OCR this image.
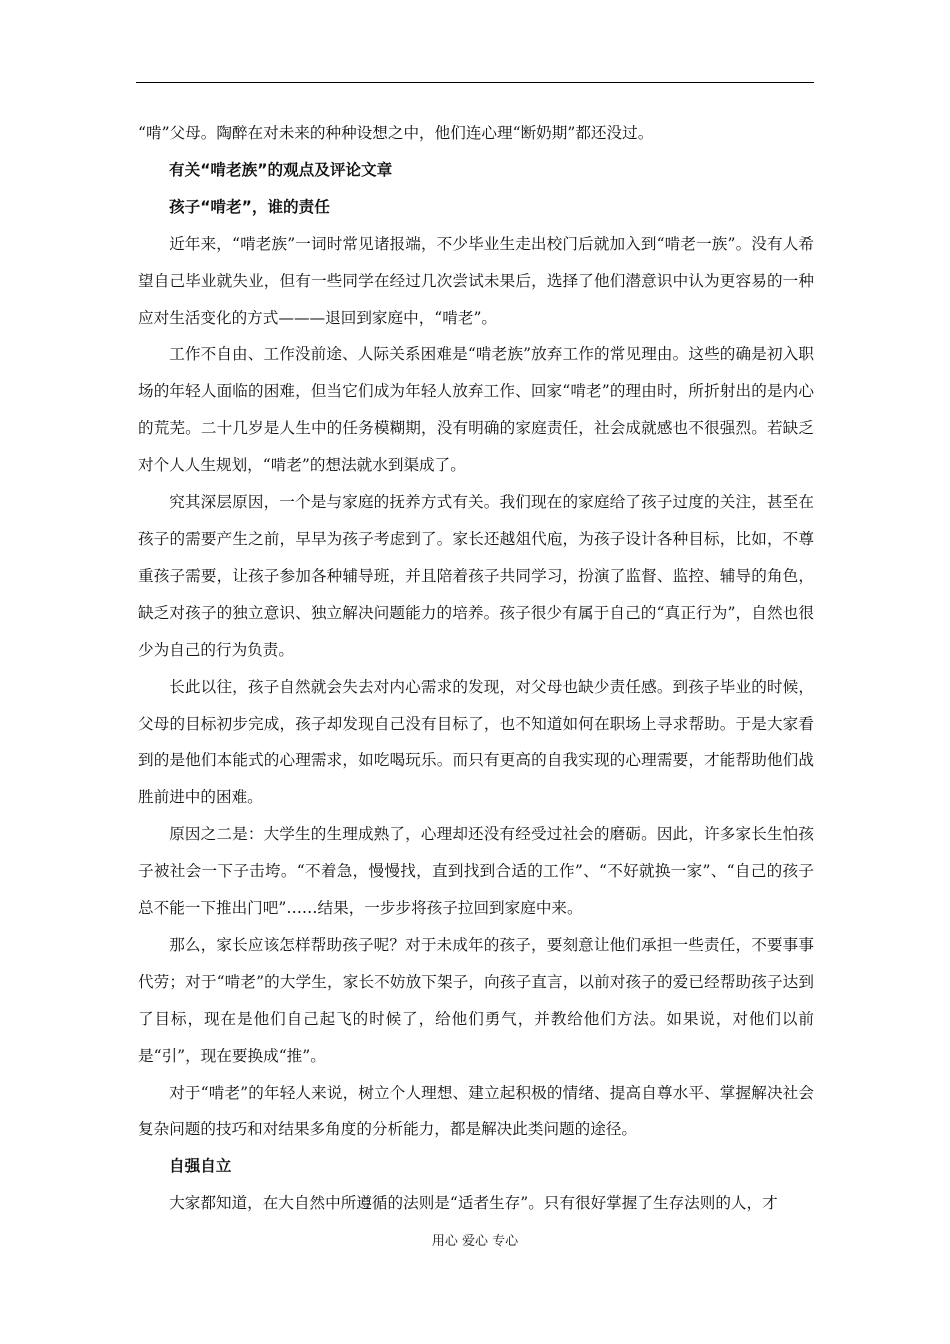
“啃”父母。陶醉在对未来的种种设想之中，他们连心理“断奶期”都还没过。

有关“啃老族”的观点及评论文章

孩子“啃老”，谁的责任

近年来，“啃老族”一词时常见诸报端，不少毕业生走出校门后就加入到“啃老一族”。没有人希望自己毕业就失业，但有一些同学在经过几次尝试未果后，选择了他们潜意识中认为更容易的一种应对生活变化的方式———退回到家庭中，“啃老”。

工作不自由、工作没前途、人际关系困难是“啃老族”放弃工作的常见理由。这些的确是初入职场的年轻人面临的困难，但当它们成为年轻人放弃工作、回家“啃老”的理由时，所折射出的是内心的荒芜。二十几岁是人生中的任务模糊期，没有明确的家庭责任，社会成就感也不很强烈。若缺乏对个人人生规划，“啃老”的想法就水到渠成了。

究其深层原因，一个是与家庭的抚养方式有关。我们现在的家庭给了孩子过度的关注，甚至在孩子的需要产生之前，早早为孩子考虑到了。家长还越俎代庖，为孩子设计各种目标，比如，不尊重孩子需要，让孩子参加各种辅导班，并且陪着孩子共同学习，扮演了监督、监控、辅导的角色，缺乏对孩子的独立意识、独立解决问题能力的培养。孩子很少有属于自己的“真正行为”，自然也很少为自己的行为负责。

长此以往，孩子自然就会失去对内心需求的发现，对父母也缺少责任感。到孩子毕业的时候，父母的目标初步完成，孩子却发现自己没有目标了，也不知道如何在职场上寻求帮助。于是大家看到的是他们本能式的心理需求，如吃喝玩乐。而只有更高的自我实现的心理需要，才能帮助他们战胜前进中的困难。

原因之二是：大学生的生理成熟了，心理却还没有经受过社会的磨砺。因此，许多家长生怕孩子被社会一下子击垮。“不着急，慢慢找，直到找到合适的工作”、“不好就换一家”、“自己的孩子总不能一下推出门吧”……结果，一步步将孩子拉回到家庭中来。

那么，家长应该怎样帮助孩子呢？对于未成年的孩子，要刻意让他们承担一些责任，不要事事代劳；对于“啃老”的大学生，家长不妨放下架子，向孩子直言，以前对孩子的爱已经帮助孩子达到了目标，现在是他们自己起飞的时候了，给他们勇气，并教给他们方法。如果说，对他们以前是“引”，现在要换成“推”。

对于“啃老”的年轻人来说，树立个人理想、建立起积极的情绪、提高自尊水平、掌握解决社会复杂问题的技巧和对结果多角度的分析能力，都是解决此类问题的途径。

自强自立

大家都知道，在大自然中所遵循的法则是“适者生存”。只有很好掌握了生存法则的人，才

用心 爱心 专心
